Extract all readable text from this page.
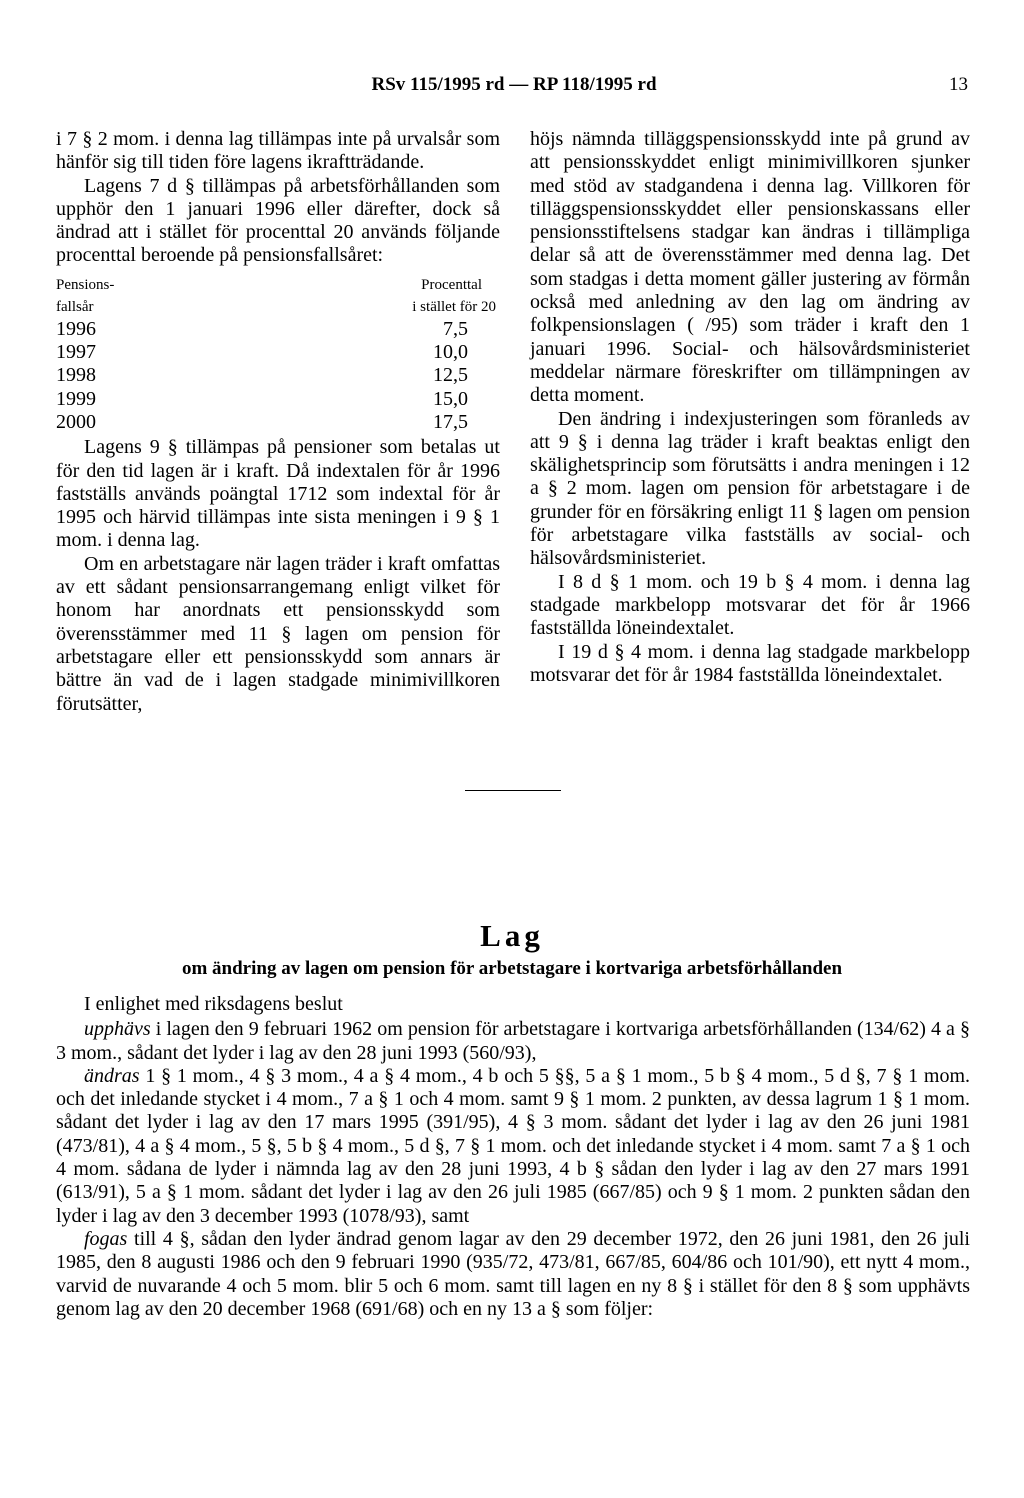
RSv 115/1995 rd — RP 118/1995 rd	13

i 7 § 2 mom. i denna lag tillämpas inte på urvalsår som hänför sig till tiden före lagens ikraftträdande.

Lagens 7 d § tillämpas på arbetsförhållanden som upphör den 1 januari 1996 eller därefter, dock så ändrad att i stället för procenttal 20 används följande procenttal beroende på pensionsfallsåret:

Pensions-	Procenttal
fallsår	i stället för 20
1996	7,5
1997	10,0
1998	12,5
1999	15,0
2000	17,5

Lagens 9 § tillämpas på pensioner som betalas ut för den tid lagen är i kraft. Då indextalen för år 1996 fastställs används poängtal 1712 som indextal för år 1995 och härvid tillämpas inte sista meningen i 9 § 1 mom. i denna lag.

Om en arbetstagare när lagen träder i kraft omfattas av ett sådant pensionsarrangemang enligt vilket för honom har anordnats ett pensionsskydd som överensstämmer med 11 § lagen om pension för arbetstagare eller ett pensionsskydd som annars är bättre än vad de i lagen stadgade minimivillkoren förutsätter,

höjs nämnda tilläggspensionsskydd inte på grund av att pensionsskyddet enligt minimivillkoren sjunker med stöd av stadgandena i denna lag. Villkoren för tilläggspensionsskyddet eller pensionskassans eller pensionsstiftelsens stadgar kan ändras i tillämpliga delar så att de överensstämmer med denna lag. Det som stadgas i detta moment gäller justering av förmån också med anledning av den lag om ändring av folkpensionslagen ( /95) som träder i kraft den 1 januari 1996. Social- och hälsovårdsministeriet meddelar närmare föreskrifter om tillämpningen av detta moment.

Den ändring i indexjusteringen som föranleds av att 9 § i denna lag träder i kraft beaktas enligt den skälighetsprincip som förutsätts i andra meningen i 12 a § 2 mom. lagen om pension för arbetstagare i de grunder för en försäkring enligt 11 § lagen om pension för arbetstagare vilka fastställs av social- och hälsovårdsministeriet.

I 8 d § 1 mom. och 19 b § 4 mom. i denna lag stadgade markbelopp motsvarar det för år 1966 fastställda löneindextalet.

I 19 d § 4 mom. i denna lag stadgade markbelopp motsvarar det för år 1984 fastställda löneindextalet.

Lag
om ändring av lagen om pension för arbetstagare i kortvariga arbetsförhållanden

I enlighet med riksdagens beslut

upphävs i lagen den 9 februari 1962 om pension för arbetstagare i kortvariga arbetsförhållanden (134/62) 4 a § 3 mom., sådant det lyder i lag av den 28 juni 1993 (560/93),

ändras 1 § 1 mom., 4 § 3 mom., 4 a § 4 mom., 4 b och 5 §§, 5 a § 1 mom., 5 b § 4 mom., 5 d §, 7 § 1 mom. och det inledande stycket i 4 mom., 7 a § 1 och 4 mom. samt 9 § 1 mom. 2 punkten, av dessa lagrum 1 § 1 mom. sådant det lyder i lag av den 17 mars 1995 (391/95), 4 § 3 mom. sådant det lyder i lag av den 26 juni 1981 (473/81), 4 a § 4 mom., 5 §, 5 b § 4 mom., 5 d §, 7 § 1 mom. och det inledande stycket i 4 mom. samt 7 a § 1 och 4 mom. sådana de lyder i nämnda lag av den 28 juni 1993, 4 b § sådan den lyder i lag av den 27 mars 1991 (613/91), 5 a § 1 mom. sådant det lyder i lag av den 26 juli 1985 (667/85) och 9 § 1 mom. 2 punkten sådan den lyder i lag av den 3 december 1993 (1078/93), samt

fogas till 4 §, sådan den lyder ändrad genom lagar av den 29 december 1972, den 26 juni 1981, den 26 juli 1985, den 8 augusti 1986 och den 9 februari 1990 (935/72, 473/81, 667/85, 604/86 och 101/90), ett nytt 4 mom., varvid de nuvarande 4 och 5 mom. blir 5 och 6 mom. samt till lagen en ny 8 § i stället för den 8 § som upphävts genom lag av den 20 december 1968 (691/68) och en ny 13 a § som följer:
